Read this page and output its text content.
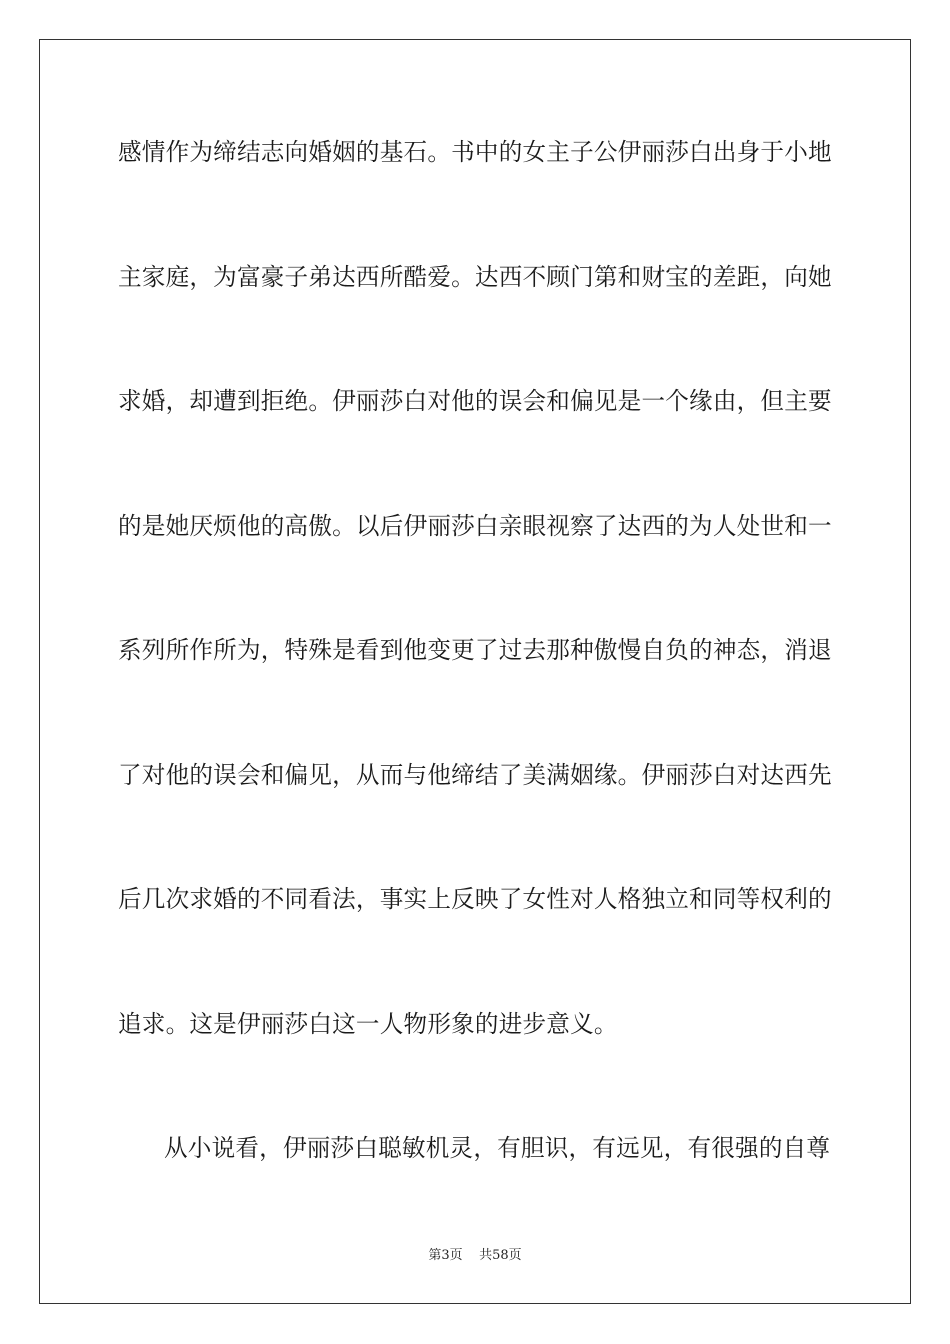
感情作为缔结志向婚姻的基石。书中的女主子公伊丽莎白出身于小地
主家庭，为富豪子弟达西所酷爱。达西不顾门第和财宝的差距，向她
求婚，却遭到拒绝。伊丽莎白对他的误会和偏见是一个缘由，但主要
的是她厌烦他的高傲。以后伊丽莎白亲眼视察了达西的为人处世和一
系列所作所为，特殊是看到他变更了过去那种傲慢自负的神态，消退
了对他的误会和偏见，从而与他缔结了美满姻缘。伊丽莎白对达西先
后几次求婚的不同看法，事实上反映了女性对人格独立和同等权利的
追求。这是伊丽莎白这一人物形象的进步意义。
从小说看，伊丽莎白聪敏机灵，有胆识，有远见，有很强的自尊
第3页 共58页
